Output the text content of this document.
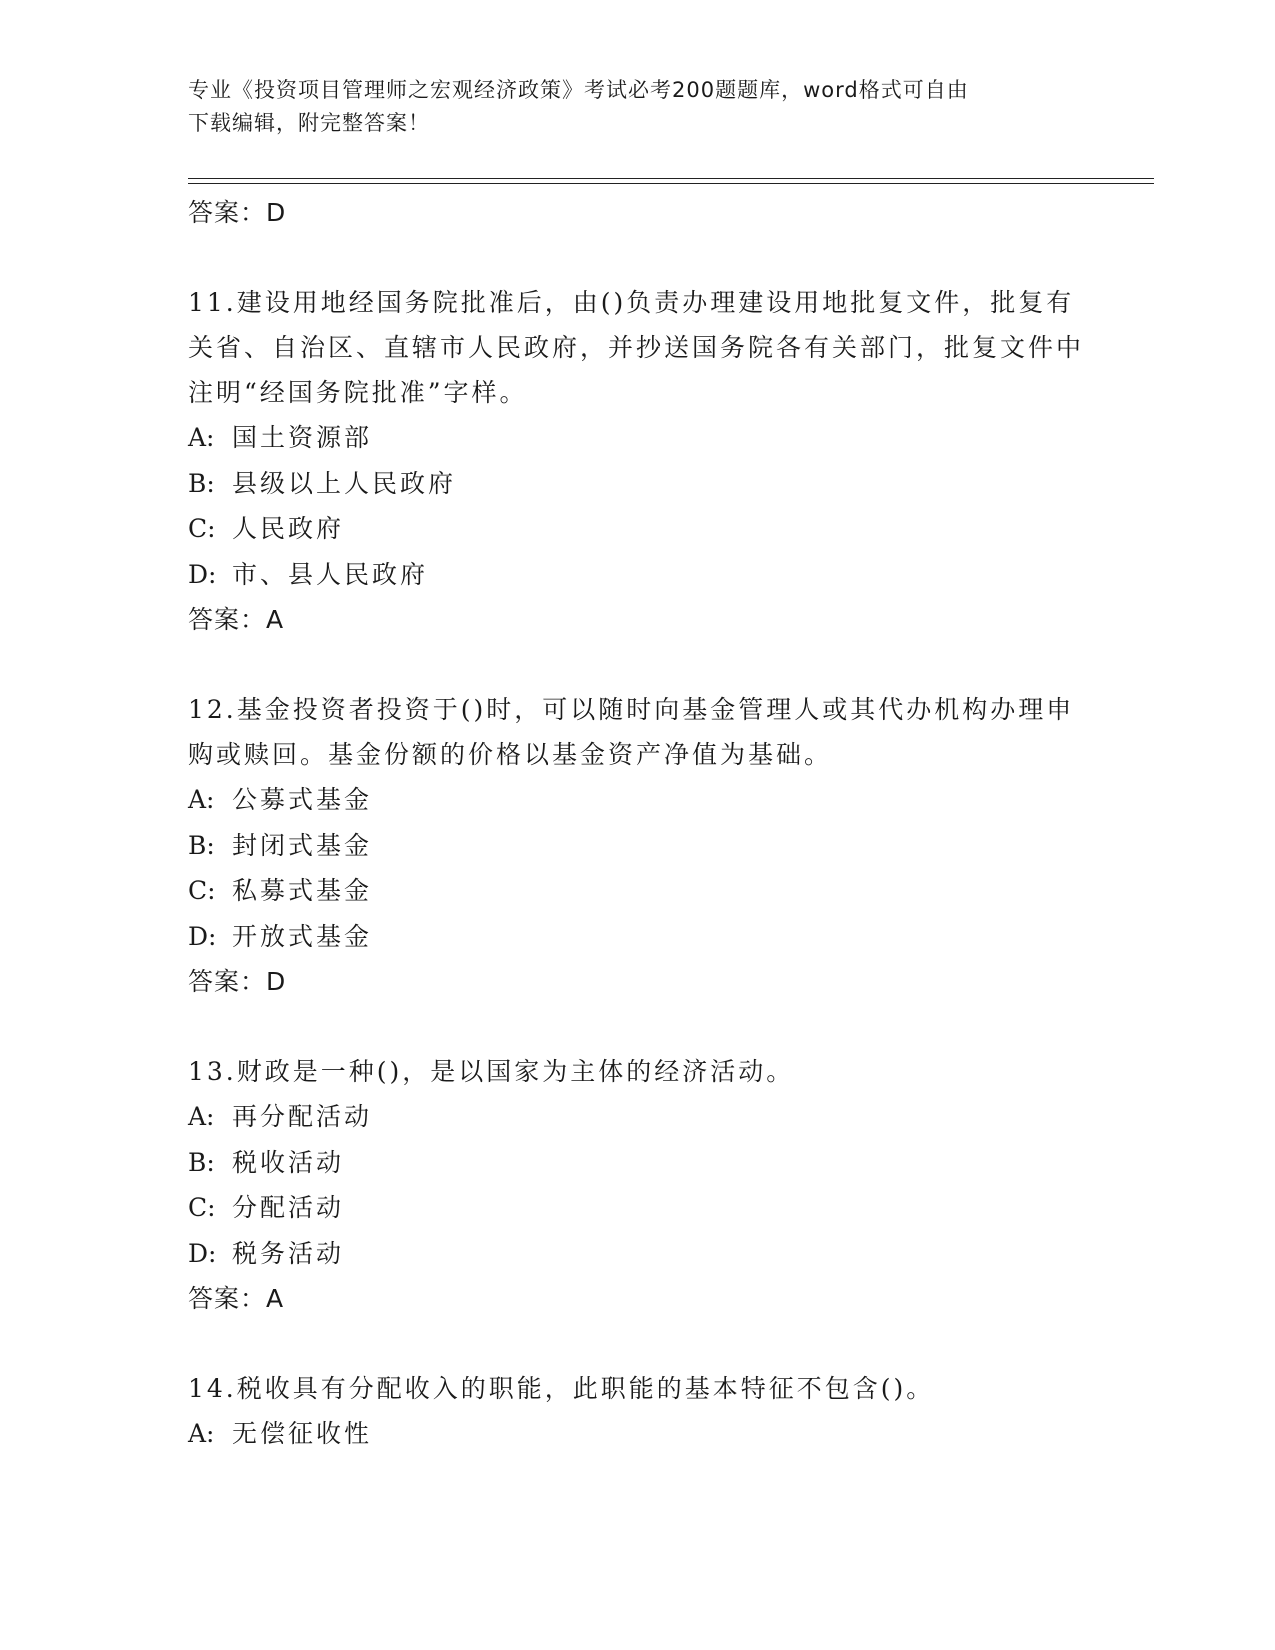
专业《投资项目管理师之宏观经济政策》考试必考200题题库，word格式可自由
下载编辑，附完整答案！
答案：D

11.建设用地经国务院批准后，由()负责办理建设用地批复文件，批复有关省、自治区、直辖市人民政府，并抄送国务院各有关部门，批复文件中注明“经国务院批准”字样。

A: 国土资源部
B: 县级以上人民政府
C: 人民政府
D: 市、县人民政府
答案：A

12.基金投资者投资于()时，可以随时向基金管理人或其代办机构办理申购或赎回。基金份额的价格以基金资产净值为基础。

A: 公募式基金
B: 封闭式基金
C: 私募式基金
D: 开放式基金
答案：D

13.财政是一种()，是以国家为主体的经济活动。

A: 再分配活动
B: 税收活动
C: 分配活动
D: 税务活动
答案：A

14.税收具有分配收入的职能，此职能的基本特征不包含()。

A: 无偿征收性
